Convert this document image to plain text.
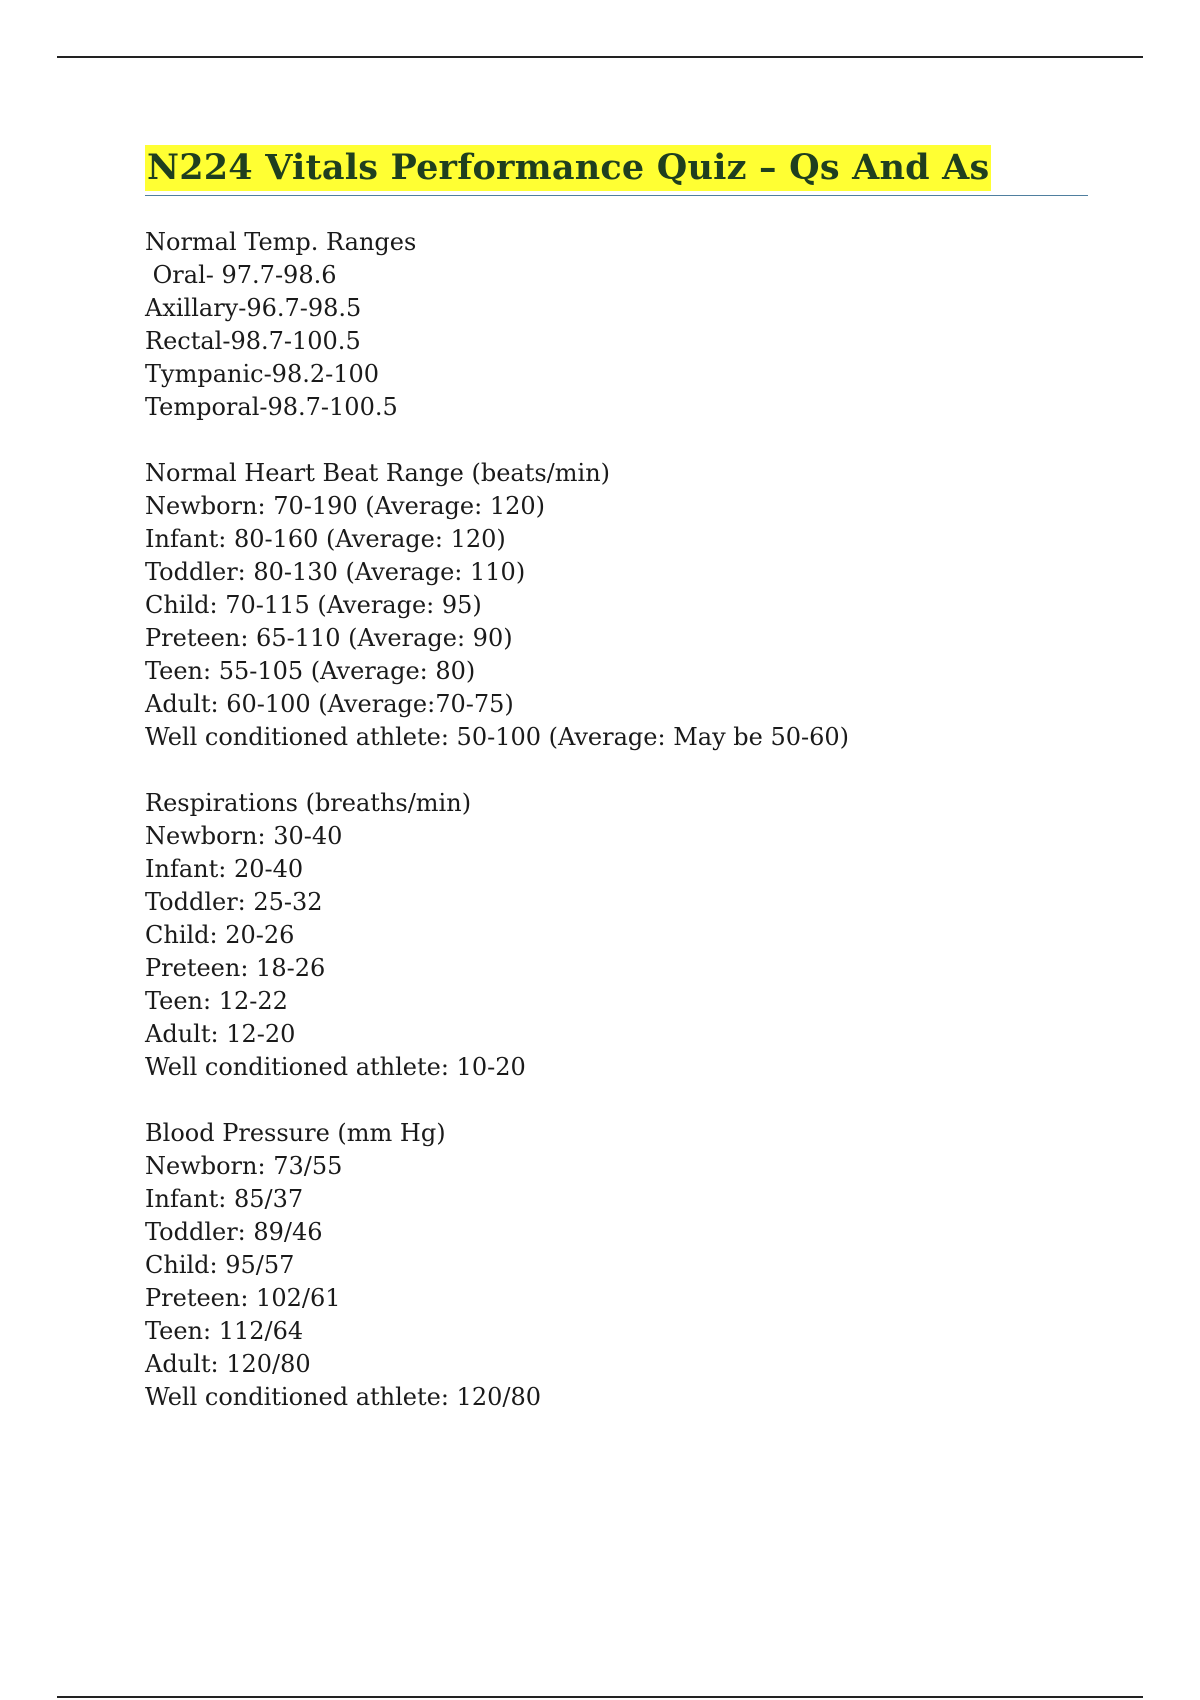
N224 Vitals Performance Quiz – Qs And As
Normal Temp. Ranges
Oral- 97.7-98.6
Axillary-96.7-98.5
Rectal-98.7-100.5
Tympanic-98.2-100
Temporal-98.7-100.5
Normal Heart Beat Range (beats/min)
Newborn: 70-190 (Average: 120)
Infant: 80-160 (Average: 120)
Toddler: 80-130 (Average: 110)
Child: 70-115 (Average: 95)
Preteen: 65-110 (Average: 90)
Teen: 55-105 (Average: 80)
Adult: 60-100 (Average:70-75)
Well conditioned athlete: 50-100 (Average: May be 50-60)
Respirations (breaths/min)
Newborn: 30-40
Infant: 20-40
Toddler: 25-32
Child: 20-26
Preteen: 18-26
Teen: 12-22
Adult: 12-20
Well conditioned athlete: 10-20
Blood Pressure (mm Hg)
Newborn: 73/55
Infant: 85/37
Toddler: 89/46
Child: 95/57
Preteen: 102/61
Teen: 112/64
Adult: 120/80
Well conditioned athlete: 120/80
